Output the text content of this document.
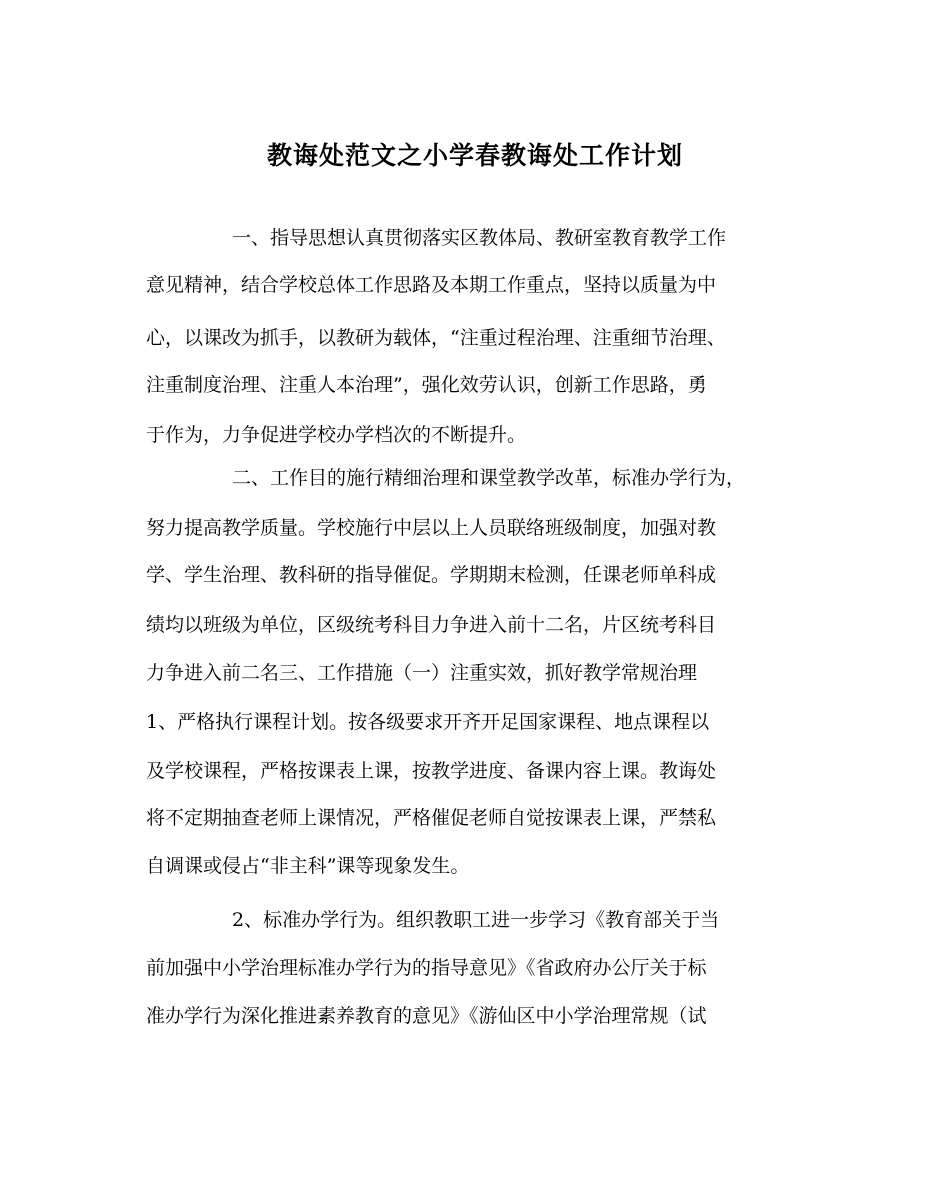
教诲处范文之小学春教诲处工作计划
一、指导思想认真贯彻落实区教体局、教研室教育教学工作
意见精神，结合学校总体工作思路及本期工作重点，坚持以质量为中
心，以课改为抓手，以教研为载体，“注重过程治理、注重细节治理、
注重制度治理、注重人本治理”，强化效劳认识，创新工作思路，勇
于作为，力争促进学校办学档次的不断提升。
二、工作目的施行精细治理和课堂教学改革，标准办学行为，
努力提高教学质量。学校施行中层以上人员联络班级制度，加强对教
学、学生治理、教科研的指导催促。学期期末检测，任课老师单科成
绩均以班级为单位，区级统考科目力争进入前十二名，片区统考科目
力争进入前二名三、工作措施（一）注重实效，抓好教学常规治理
1、严格执行课程计划。按各级要求开齐开足国家课程、地点课程以
及学校课程，严格按课表上课，按教学进度、备课内容上课。教诲处
将不定期抽查老师上课情况，严格催促老师自觉按课表上课，严禁私
自调课或侵占“非主科”课等现象发生。
2、标准办学行为。组织教职工进一步学习《教育部关于当
前加强中小学治理标准办学行为的指导意见》《省政府办公厅关于标
准办学行为深化推进素养教育的意见》《游仙区中小学治理常规（试
